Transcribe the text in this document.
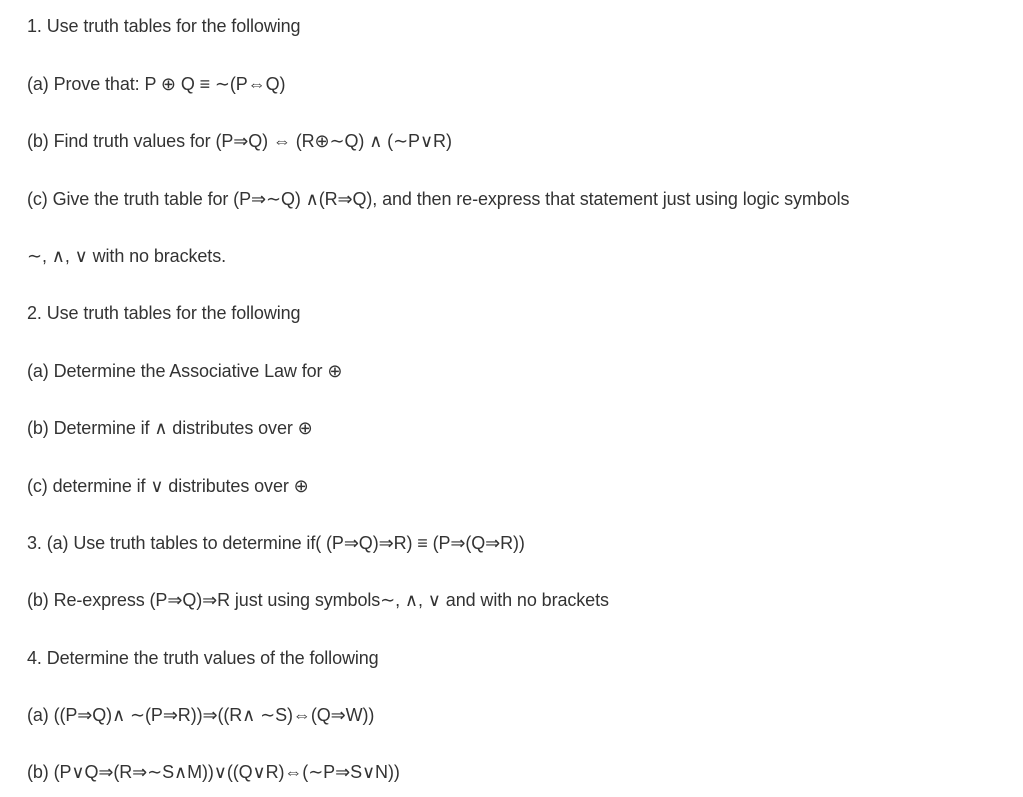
1. Use truth tables for the following
(a) Prove that: P ⊕ Q ≡ ∼(P⇔Q)
(b) Find truth values for (P⇒Q) ⇔ (R⊕∼Q) ∧ (∼P∨R)
(c) Give the truth table for (P⇒∼Q) ∧(R⇒Q), and then re-express that statement just using logic symbols
∼, ∧, ∨ with no brackets.
2. Use truth tables for the following
(a) Determine the Associative Law for ⊕
(b) Determine if ∧ distributes over ⊕
(c) determine if ∨ distributes over ⊕
3. (a) Use truth tables to determine if( (P⇒Q)⇒R) ≡ (P⇒(Q⇒R))
(b) Re-express (P⇒Q)⇒R just using symbols∼, ∧, ∨ and with no brackets
4. Determine the truth values of the following
(a) ((P⇒Q)∧ ∼(P⇒R))⇒((R∧ ∼S)⇔(Q⇒W))
(b) (P∨Q⇒(R⇒∼S∧M))∨((Q∨R)⇔(∼P⇒S∨N))
